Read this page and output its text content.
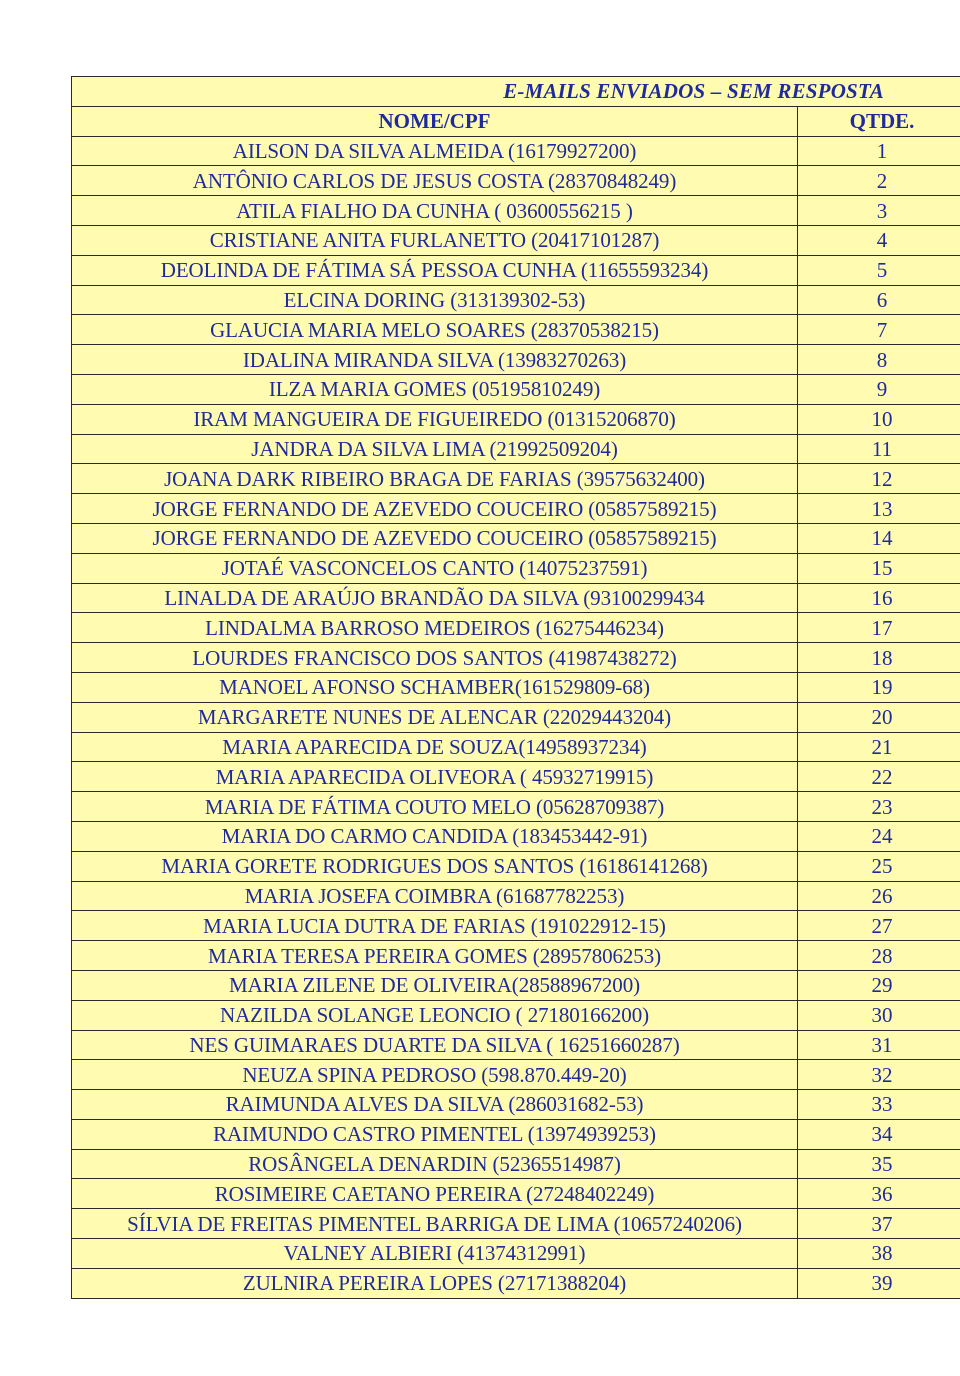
E-MAILS ENVIADOS – SEM RESPOSTA	
NOME/CPF	QTDE.
AILSON DA SILVA ALMEIDA (16179927200)	1
ANTÔNIO CARLOS DE JESUS COSTA (28370848249)	2
ATILA FIALHO DA CUNHA ( 03600556215 )	3
CRISTIANE ANITA FURLANETTO (20417101287)	4
DEOLINDA DE FÁTIMA SÁ PESSOA CUNHA (11655593234)	5
ELCINA DORING (313139302-53)	6
GLAUCIA MARIA MELO SOARES (28370538215)	7
IDALINA MIRANDA SILVA (13983270263)	8
ILZA MARIA GOMES (05195810249)	9
IRAM MANGUEIRA DE FIGUEIREDO (01315206870)	10
JANDRA DA SILVA LIMA (21992509204)	11
JOANA DARK RIBEIRO BRAGA DE FARIAS (39575632400)	12
JORGE FERNANDO DE AZEVEDO COUCEIRO (05857589215)	13
JORGE FERNANDO DE AZEVEDO COUCEIRO (05857589215)	14
JOTAÉ VASCONCELOS CANTO (14075237591)	15
LINALDA DE ARAÚJO BRANDÃO DA SILVA (93100299434	16
LINDALMA BARROSO MEDEIROS (16275446234)	17
LOURDES FRANCISCO DOS SANTOS (41987438272)	18
MANOEL AFONSO SCHAMBER(161529809-68)	19
MARGARETE NUNES DE ALENCAR (22029443204)	20
MARIA APARECIDA DE SOUZA(14958937234)	21
MARIA APARECIDA OLIVEORA ( 45932719915)	22
MARIA DE FÁTIMA COUTO MELO (05628709387)	23
MARIA DO CARMO CANDIDA (183453442-91)	24
MARIA GORETE RODRIGUES DOS SANTOS (16186141268)	25
MARIA JOSEFA COIMBRA (61687782253)	26
MARIA LUCIA DUTRA DE FARIAS (191022912-15)	27
MARIA TERESA PEREIRA GOMES (28957806253)	28
MARIA ZILENE DE OLIVEIRA(28588967200)	29
NAZILDA SOLANGE LEONCIO ( 27180166200)	30
NES GUIMARAES DUARTE DA SILVA ( 16251660287)	31
NEUZA SPINA PEDROSO (598.870.449-20)	32
RAIMUNDA ALVES DA SILVA (286031682-53)	33
RAIMUNDO CASTRO PIMENTEL (13974939253)	34
ROSÂNGELA DENARDIN (52365514987)	35
ROSIMEIRE CAETANO PEREIRA (27248402249)	36
SÍLVIA DE FREITAS PIMENTEL BARRIGA DE LIMA (10657240206)	37
VALNEY ALBIERI (41374312991)	38
ZULNIRA PEREIRA LOPES (27171388204)	39
